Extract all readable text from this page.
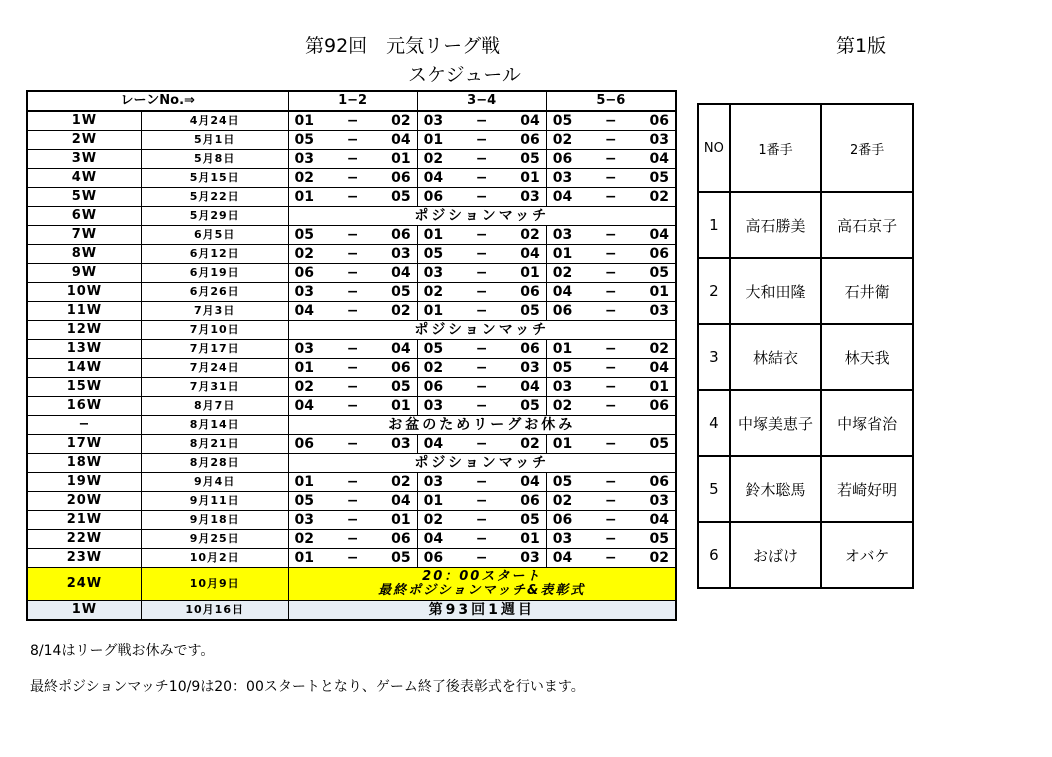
第92回　元気リーグ戦	第1版
スケジュール
レーンNo.⇒		1−2			3−4			5−6		
1W	4月24日	01	−	02	03	−	04	05	−	06
2W	5月1日	05	−	04	01	−	06	02	−	03
3W	5月8日	03	−	01	02	−	05	06	−	04
4W	5月15日	02	−	06	04	−	01	03	−	05
5W	5月22日	01	−	05	06	−	03	04	−	02
6W	5月29日	ポジションマッチ								
7W	6月5日	05	−	06	01	−	02	03	−	04
8W	6月12日	02	−	03	05	−	04	01	−	06
9W	6月19日	06	−	04	03	−	01	02	−	05
10W	6月26日	03	−	05	02	−	06	04	−	01
11W	7月3日	04	−	02	01	−	05	06	−	03
12W	7月10日	ポジションマッチ								
13W	7月17日	03	−	04	05	−	06	01	−	02
14W	7月24日	01	−	06	02	−	03	05	−	04
15W	7月31日	02	−	05	06	−	04	03	−	01
16W	8月7日	04	−	01	03	−	05	02	−	06
−	8月14日	お盆のためリーグお休み								
17W	8月21日	06	−	03	04	−	02	01	−	05
18W	8月28日	ポジションマッチ								
19W	9月4日	01	−	02	03	−	04	05	−	06
20W	9月11日	05	−	04	01	−	06	02	−	03
21W	9月18日	03	−	01	02	−	05	06	−	04
22W	9月25日	02	−	06	04	−	01	03	−	05
23W	10月2日	01	−	05	06	−	03	04	−	02
24W	10月9日	20：00スタート
最終ポジションマッチ&表彰式								

1W	10月16日	第93回1週目								
NO	1番手	2番手
1	高石勝美	高石京子
2	大和田隆	石井衛
3	林結衣	林天我
4	中塚美恵子	中塚省治
5	鈴木聡馬	若崎好明
6	おばけ	オバケ
8/14はリーグ戦お休みです。
最終ポジションマッチ10/9は20：00スタートとなり、ゲーム終了後表彰式を行います。
